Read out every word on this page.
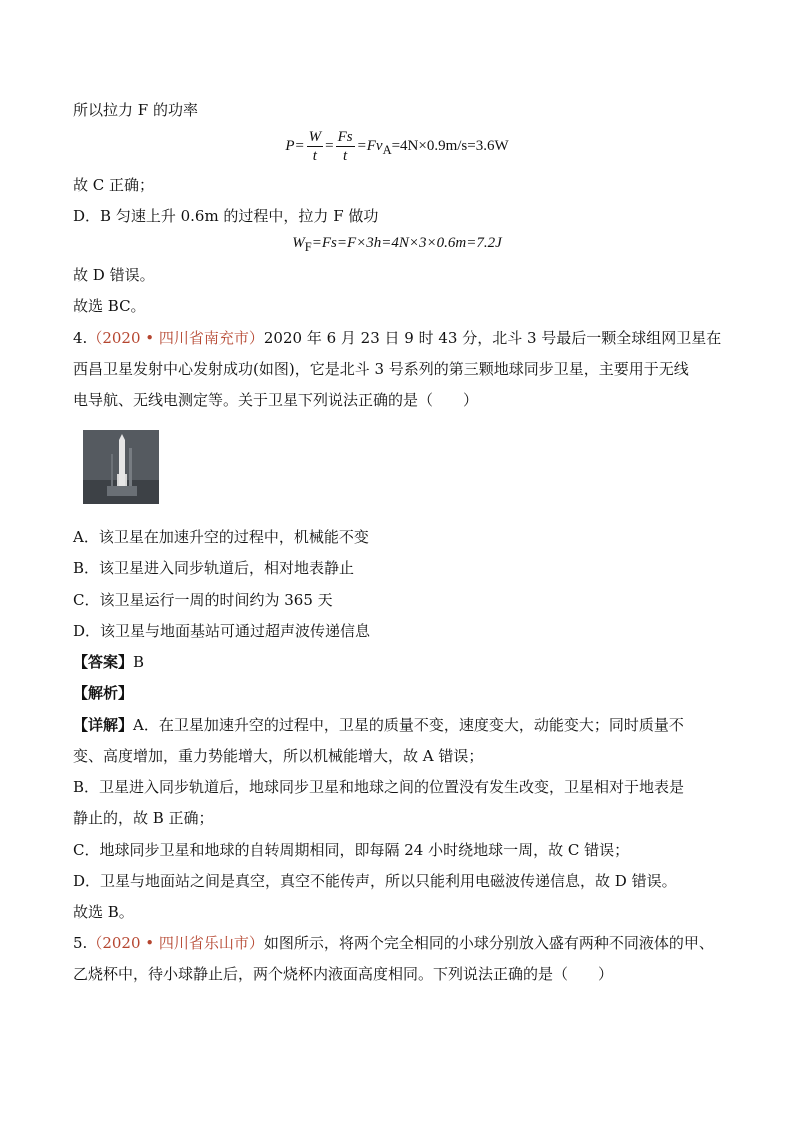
所以拉力 F 的功率
$P= \frac{W}{t} = \frac{Fs}{t} =Fv_A=4N\times 0.9m/s=3.6W$
故 C 正确；
D．B 匀速上升 0.6m 的过程中，拉力 F 做功
$W_F=Fs=F\times 3h=4N\times 3\times 0.6m=7.2J$
故 D 错误。
故选 BC。
4.（2020 • 四川省南充市）2020 年 6 月 23 日 9 时 43 分，北斗 3 号最后一颗全球组网卫星在
西昌卫星发射中心发射成功(如图)，它是北斗 3 号系列的第三颗地球同步卫星，主要用于无线
电导航、无线电测定等。关于卫星下列说法正确的是（　　）
A．该卫星在加速升空的过程中，机械能不变
B．该卫星进入同步轨道后，相对地表静止
C．该卫星运行一周的时间约为 365 天
D．该卫星与地面基站可通过超声波传递信息
【答案】B
【解析】
【详解】A．在卫星加速升空的过程中，卫星的质量不变，速度变大，动能变大；同时质量不
变、高度增加，重力势能增大，所以机械能增大，故 A 错误；
B．卫星进入同步轨道后，地球同步卫星和地球之间的位置没有发生改变，卫星相对于地表是
静止的，故 B 正确；
C．地球同步卫星和地球的自转周期相同，即每隔 24 小时绕地球一周，故 C 错误；
D．卫星与地面站之间是真空，真空不能传声，所以只能利用电磁波传递信息，故 D 错误。
故选 B。
5.（2020 • 四川省乐山市）如图所示，将两个完全相同的小球分别放入盛有两种不同液体的甲、
乙烧杯中，待小球静止后，两个烧杯内液面高度相同。下列说法正确的是（　　）
